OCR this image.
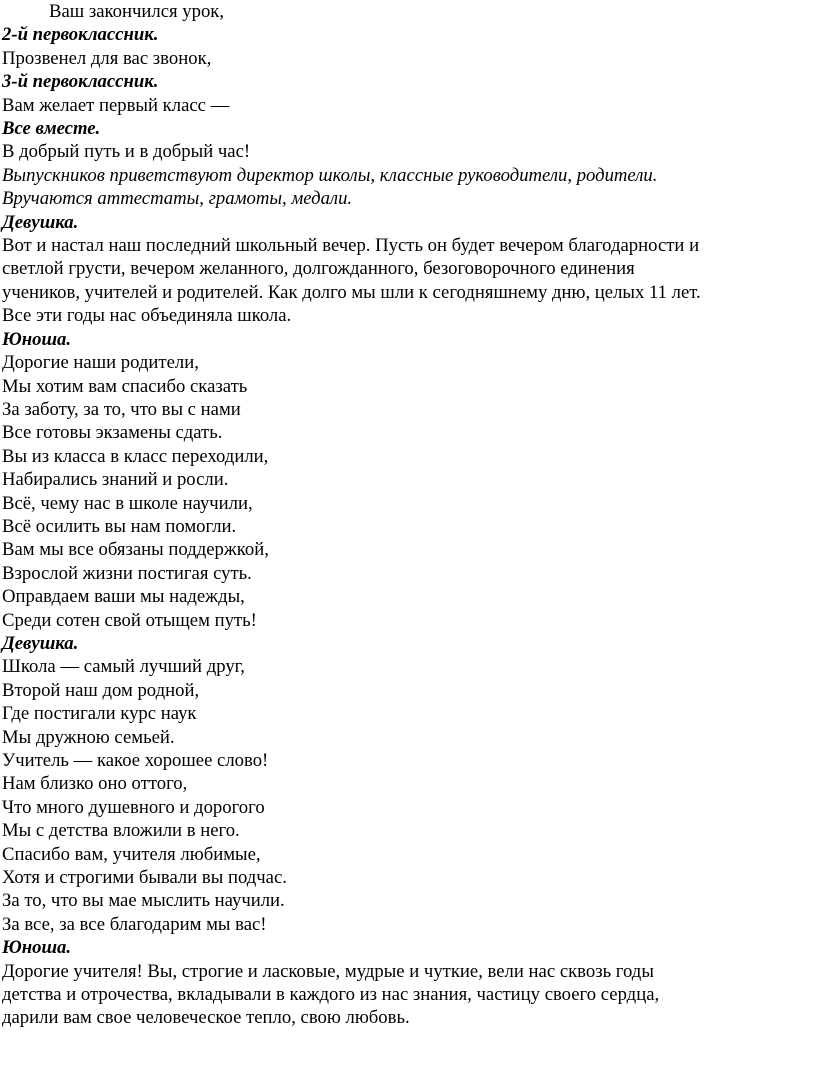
Ваш закончился урок,
2-й первоклассник.
Прозвенел для вас звонок,
3-й первоклассник.
Вам желает первый класс —
Все вместе.
В добрый путь и в добрый час!
Выпускников приветствуют директор школы, классные руководители, родители.
Вручаются аттестаты, грамоты, медали.
Девушка.
Вот и настал наш последний школьный вечер. Пусть он будет вечером благодарности и
светлой грусти, вечером желанного, долгожданного, безоговорочного единения
учеников, учителей и родителей. Как долго мы шли к сегодняшнему дню, целых 11 лет.
Все эти годы нас объединяла школа.
Юноша.
Дорогие наши родители,
Мы хотим вам спасибо сказать
За заботу, за то, что вы с нами
Все готовы экзамены сдать.
Вы из класса в класс переходили,
Набирались знаний и росли.
Всё, чему нас в школе научили,
Всё осилить вы нам помогли.
Вам мы все обязаны поддержкой,
Взрослой жизни постигая суть.
Оправдаем ваши мы надежды,
Среди сотен свой отыщем путь!
Девушка.
Школа — самый лучший друг,
Второй наш дом родной,
Где постигали курс наук
Мы дружною семьей.
Учитель — какое хорошее слово!
Нам близко оно оттого,
Что много душевного и дорогого
Мы с детства вложили в него.
Спасибо вам, учителя любимые,
Хотя и строгими бывали вы подчас.
За то, что вы мае мыслить научили.
За все, за все благодарим мы вас!
Юноша.
Дорогие учителя! Вы, строгие и ласковые, мудрые и чуткие, вели нас сквозь годы
детства и отрочества, вкладывали в каждого из нас знания, частицу своего сердца,
дарили вам свое человеческое тепло, свою любовь.
